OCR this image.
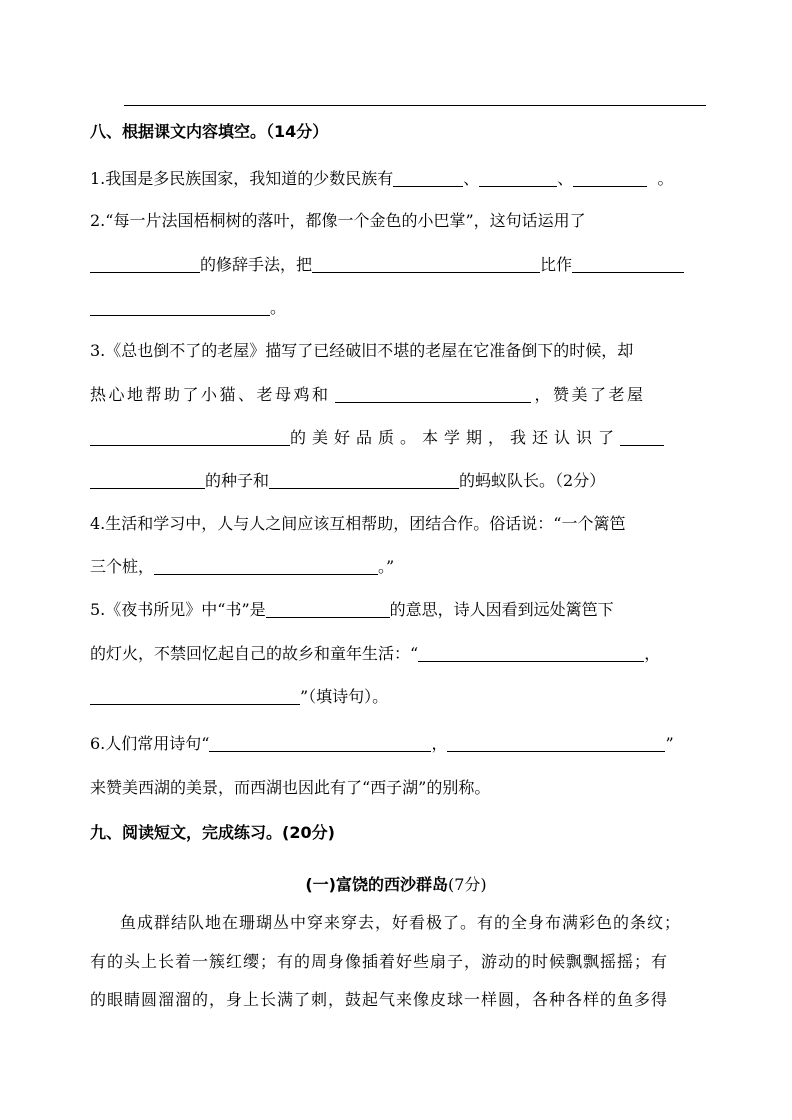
八、根据课文内容填空。（14分）
1.我国是多民族国家，我知道的少数民族有	、	、	。
2.“每一片法国梧桐树的落叶，都像一个金色的小巴掌”，这句话运用了
的修辞手法，把	比作
。
3.《总也倒不了的老屋》描写了已经破旧不堪的老屋在它准备倒下的时候，却
热心地帮助了小猫、老母鸡和	，赞美了老屋
的美好品质。本学期，我还认识了
的种子和	的蚂蚁队长。（2分）
4.生活和学习中，人与人之间应该互相帮助，团结合作。俗话说：“一个篱笆
三个桩，	。”
5.《夜书所见》中“书”是	的意思，诗人因看到远处篱笆下
的灯火，不禁回忆起自己的故乡和童年生活：“	，
”（填诗句）。
6.人们常用诗句“	，	”
来赞美西湖的美景，而西湖也因此有了“西子湖”的别称。
九、阅读短文，完成练习。(20分)
(一)富饶的西沙群岛(7分)
鱼成群结队地在珊瑚丛中穿来穿去，好看极了。有的全身布满彩色的条纹；
有的头上长着一簇红缨；有的周身像插着好些扇子，游动的时候飘飘摇摇；有
的眼睛圆溜溜的，身上长满了刺，鼓起气来像皮球一样圆，各种各样的鱼多得
